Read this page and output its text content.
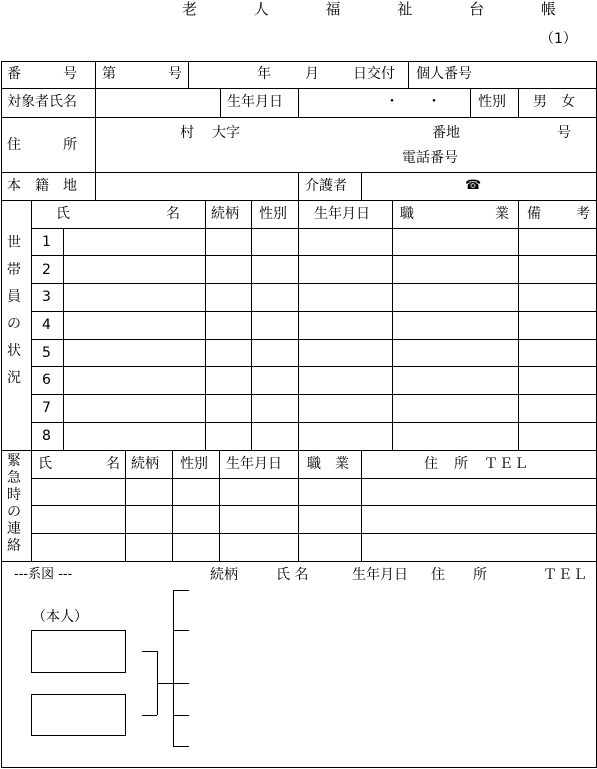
老 人 福 祉 台 帳
（1）
番　　　号 第	号	年 月 日交付 個人番号
対象者氏名	生年月日	・　　・	性別 男　女
住　　　所
村 大字	番地	号
電話番号
本　籍　地	介護者	☎
世
帯
員
の
状
況
氏	名 続柄 性別 生年月日 職	業 備	考
1
2
3
4
5
6
7
8
緊
急
時
の
連
絡
氏	名 続柄 性別 生年月日 職　業	住　所　ＴＥＬ
---系図 ---	続柄	氏 名	生年月日 住　　所	ＴＥＬ
（本人）
